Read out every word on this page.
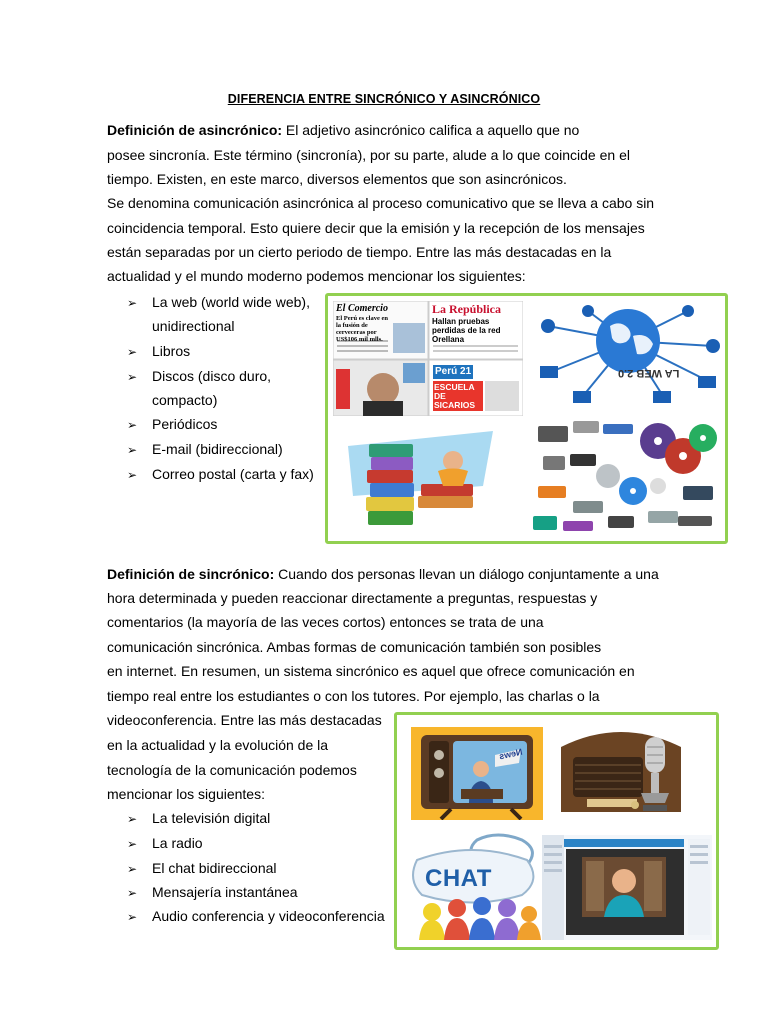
DIFERENCIA ENTRE SINCRÓNICO Y ASINCRÓNICO
Definición de asincrónico: El adjetivo asincrónico califica a aquello que no
posee sincronía. Este término (sincronía), por su parte, alude a lo que coincide en el
tiempo. Existen, en este marco, diversos elementos que son asincrónicos.
Se denomina comunicación asincrónica al proceso comunicativo que se lleva a cabo sin
coincidencia temporal. Esto quiere decir que la emisión y la recepción de los mensajes
están separadas por un cierto periodo de tiempo. Entre las más destacadas en la
actualidad y el mundo moderno podemos mencionar los siguientes:
➢ La web (world wide web),
unidirectional
➢ Libros
➢ Discos (disco duro,
compacto)
➢ Periódicos
➢ E-mail (bidireccional)
➢ Correo postal (carta y fax)
El Comercio
El Perú es clave en la fusión de cerveceras por US$106 mil mlls.
La República
Hallan pruebas perdidas de la red Orellana
Perú 21
ESCUELA DE SICARIOS
LA WEB 2.0
Definición de sincrónico: Cuando dos personas llevan un diálogo conjuntamente a una
hora determinada y pueden reaccionar directamente a preguntas, respuestas y
comentarios (la mayoría de las veces cortos) entonces se trata de una
comunicación sincrónica. Ambas formas de comunicación también son posibles
en internet. En resumen, un sistema sincrónico es aquel que ofrece comunicación en
tiempo real entre los estudiantes o con los tutores. Por ejemplo, las charlas o la
videoconferencia. Entre las más destacadas
en la actualidad y la evolución de la
tecnología de la comunicación podemos
mencionar los siguientes:
➢ La televisión digital
➢ La radio
➢ El chat bidireccional
➢ Mensajería instantánea
➢ Audio conferencia y videoconferencia
News
CHAT
